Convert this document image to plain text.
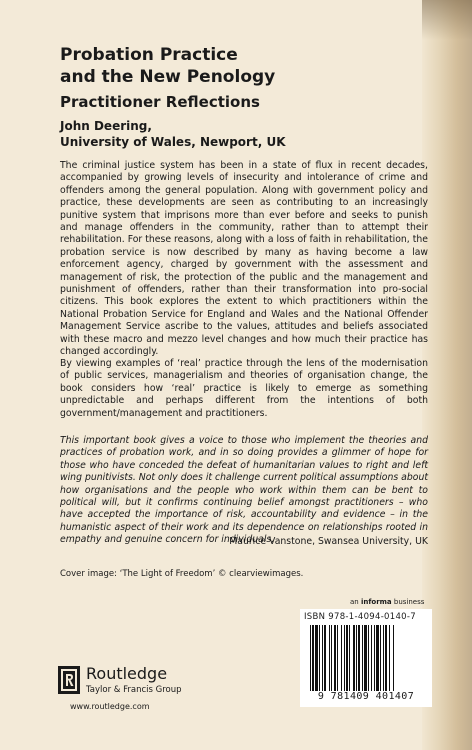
Probation Practice
and the New Penology

Practitioner Reflections

John Deering,
University of Wales, Newport, UK

The criminal justice system has been in a state of flux in recent decades, accompanied by growing levels of insecurity and intolerance of crime and offenders among the general population. Along with government policy and practice, these developments are seen as contributing to an increasingly punitive system that imprisons more than ever before and seeks to punish and manage offenders in the community, rather than to attempt their rehabilitation. For these reasons, along with a loss of faith in rehabilitation, the probation service is now described by many as having become a law enforcement agency, charged by government with the assessment and management of risk, the protection of the public and the management and punishment of offenders, rather than their transformation into pro-social citizens. This book explores the extent to which practitioners within the National Probation Service for England and Wales and the National Offender Management Service ascribe to the values, attitudes and beliefs associated with these macro and mezzo level changes and how much their practice has changed accordingly.

By viewing examples of ‘real’ practice through the lens of the modernisation of public services, managerialism and theories of organisation change, the book considers how ‘real’ practice is likely to emerge as something unpredictable and perhaps different from the intentions of both government/management and practitioners.

This important book gives a voice to those who implement the theories and practices of probation work, and in so doing provides a glimmer of hope for those who have conceded the defeat of humanitarian values to right and left wing punitivists. Not only does it challenge current political assumptions about how organisations and the people who work within them can be bent to political will, but it confirms continuing belief amongst practitioners – who have accepted the importance of risk, accountability and evidence – in the humanistic aspect of their work and its dependence on relationships rooted in empathy and genuine concern for individuals.

Maurice Vanstone, Swansea University, UK

Cover image: ‘The Light of Freedom’ © clearviewimages.

an informa business

ISBN 978-1-4094-0140-7

9 781409 401407

Routledge

Taylor & Francis Group

www.routledge.com
